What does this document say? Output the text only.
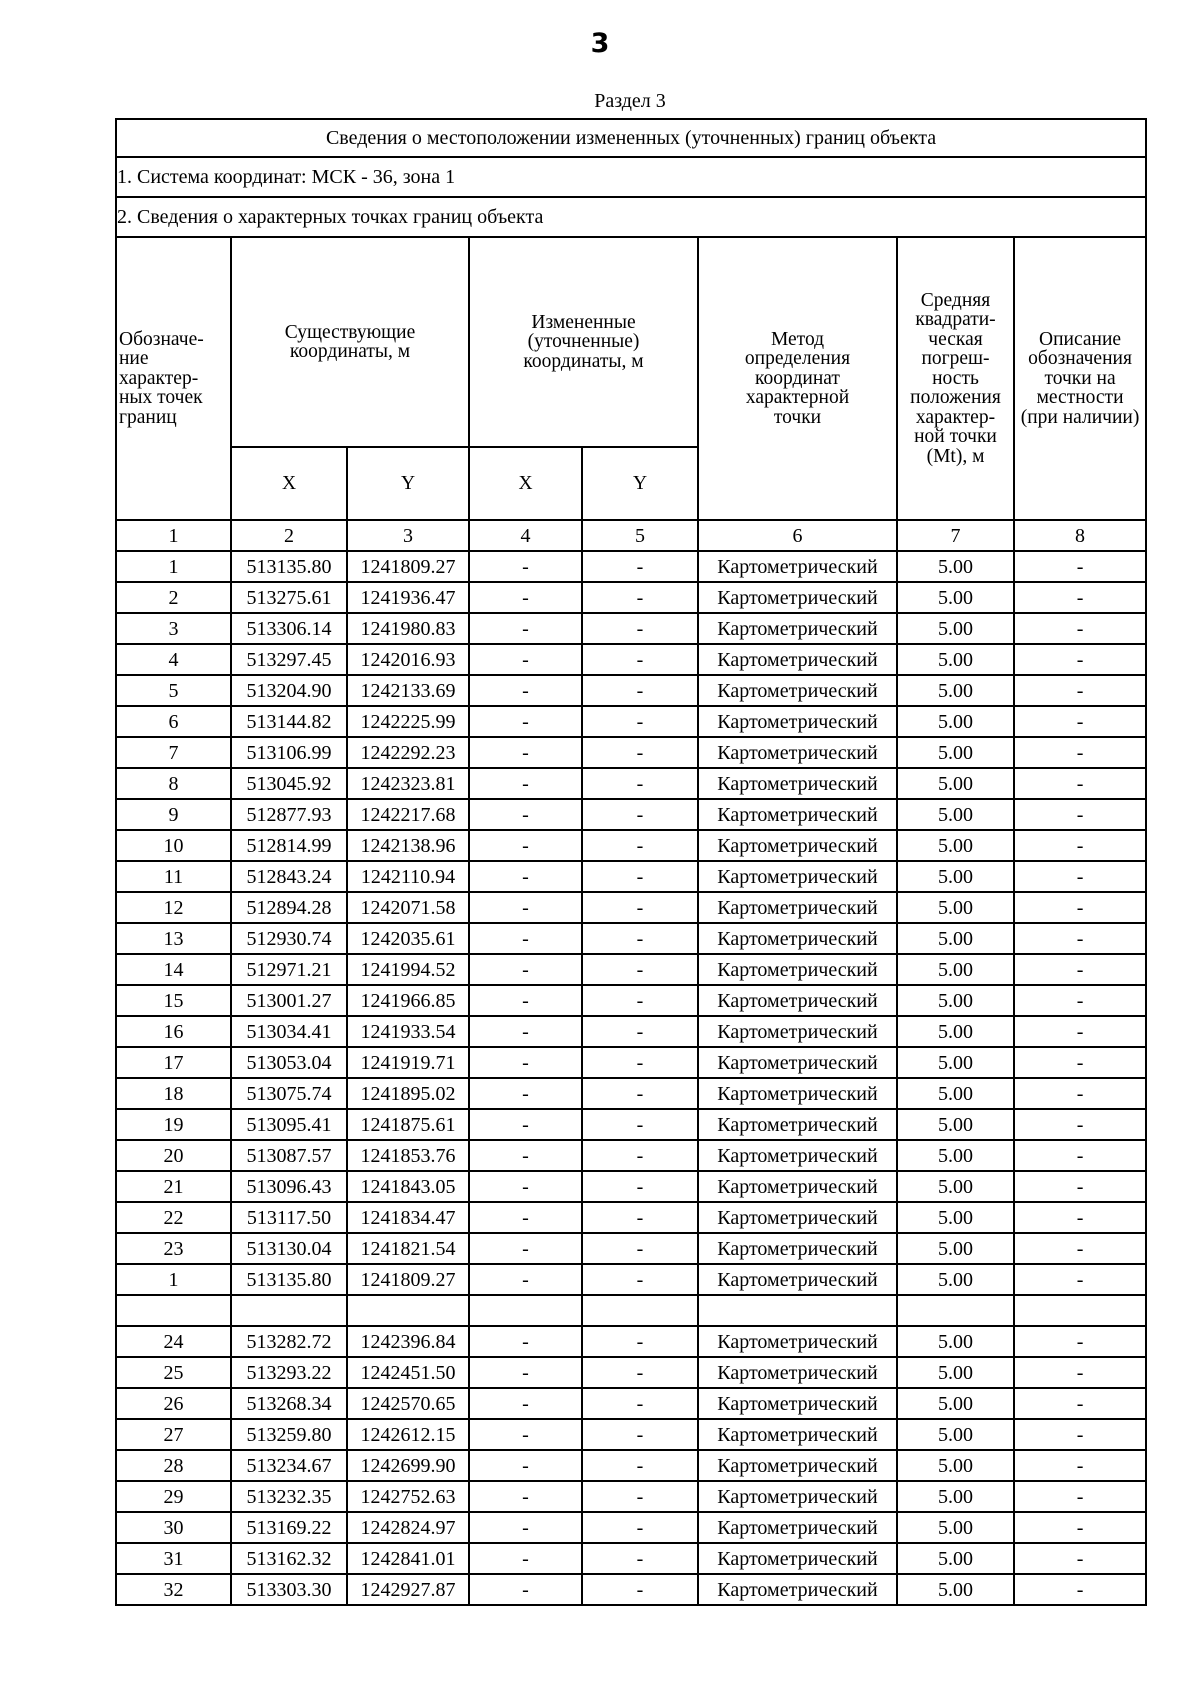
3
Раздел 3
Сведения о местоположении измененных (уточненных) границ объекта							
1. Система координат: МСК - 36, зона 1							
2. Сведения о характерных точках границ объекта							
Обозначе-ние характер-ных точек границ	Существующие координаты, м		Измененные (уточненные) координаты, м		Метод определения координат характерной точки	Средняя квадрати-ческая погреш-ность положения характер-ной точки (Mt), м	Описание обозначения точки на местности (при наличии)
	X	Y	X	Y			
1	2	3	4	5	6	7	8
1	513135.80	1241809.27	-	-	Картометрический	5.00	-
2	513275.61	1241936.47	-	-	Картометрический	5.00	-
3	513306.14	1241980.83	-	-	Картометрический	5.00	-
4	513297.45	1242016.93	-	-	Картометрический	5.00	-
5	513204.90	1242133.69	-	-	Картометрический	5.00	-
6	513144.82	1242225.99	-	-	Картометрический	5.00	-
7	513106.99	1242292.23	-	-	Картометрический	5.00	-
8	513045.92	1242323.81	-	-	Картометрический	5.00	-
9	512877.93	1242217.68	-	-	Картометрический	5.00	-
10	512814.99	1242138.96	-	-	Картометрический	5.00	-
11	512843.24	1242110.94	-	-	Картометрический	5.00	-
12	512894.28	1242071.58	-	-	Картометрический	5.00	-
13	512930.74	1242035.61	-	-	Картометрический	5.00	-
14	512971.21	1241994.52	-	-	Картометрический	5.00	-
15	513001.27	1241966.85	-	-	Картометрический	5.00	-
16	513034.41	1241933.54	-	-	Картометрический	5.00	-
17	513053.04	1241919.71	-	-	Картометрический	5.00	-
18	513075.74	1241895.02	-	-	Картометрический	5.00	-
19	513095.41	1241875.61	-	-	Картометрический	5.00	-
20	513087.57	1241853.76	-	-	Картометрический	5.00	-
21	513096.43	1241843.05	-	-	Картометрический	5.00	-
22	513117.50	1241834.47	-	-	Картометрический	5.00	-
23	513130.04	1241821.54	-	-	Картометрический	5.00	-
1	513135.80	1241809.27	-	-	Картометрический	5.00	-

24	513282.72	1242396.84	-	-	Картометрический	5.00	-
25	513293.22	1242451.50	-	-	Картометрический	5.00	-
26	513268.34	1242570.65	-	-	Картометрический	5.00	-
27	513259.80	1242612.15	-	-	Картометрический	5.00	-
28	513234.67	1242699.90	-	-	Картометрический	5.00	-
29	513232.35	1242752.63	-	-	Картометрический	5.00	-
30	513169.22	1242824.97	-	-	Картометрический	5.00	-
31	513162.32	1242841.01	-	-	Картометрический	5.00	-
32	513303.30	1242927.87	-	-	Картометрический	5.00	-
